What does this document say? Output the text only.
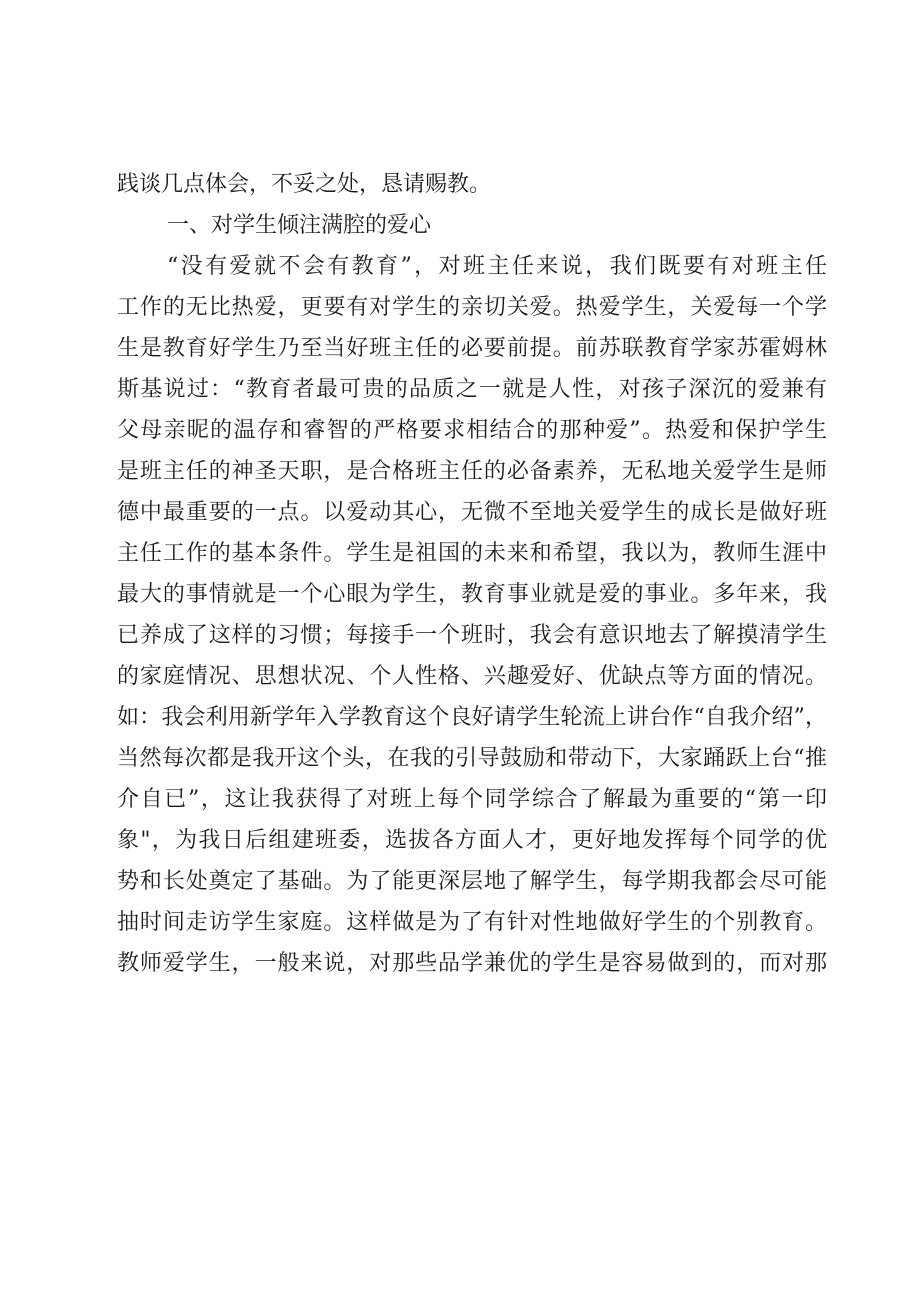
践谈几点体会，不妥之处，恳请赐教。
一、对学生倾注满腔的爱心
“没有爱就不会有教育”，对班主任来说，我们既要有对班主任
工作的无比热爱，更要有对学生的亲切关爱。热爱学生，关爱每一个学
生是教育好学生乃至当好班主任的必要前提。前苏联教育学家苏霍姆林
斯基说过：“教育者最可贵的品质之一就是人性，对孩子深沉的爱兼有
父母亲昵的温存和睿智的严格要求相结合的那种爱”。热爱和保护学生
是班主任的神圣天职，是合格班主任的必备素养，无私地关爱学生是师
德中最重要的一点。以爱动其心，无微不至地关爱学生的成长是做好班
主任工作的基本条件。学生是祖国的未来和希望，我以为，教师生涯中
最大的事情就是一个心眼为学生，教育事业就是爱的事业。多年来，我
已养成了这样的习惯；每接手一个班时，我会有意识地去了解摸清学生
的家庭情况、思想状况、个人性格、兴趣爱好、优缺点等方面的情况。
如：我会利用新学年入学教育这个良好请学生轮流上讲台作“自我介绍”，
当然每次都是我开这个头，在我的引导鼓励和带动下，大家踊跃上台“推
介自已”，这让我获得了对班上每个同学综合了解最为重要的“第一印
象"，为我日后组建班委，选拔各方面人才，更好地发挥每个同学的优
势和长处奠定了基础。为了能更深层地了解学生，每学期我都会尽可能
抽时间走访学生家庭。这样做是为了有针对性地做好学生的个别教育。
教师爱学生，一般来说，对那些品学兼优的学生是容易做到的，而对那
